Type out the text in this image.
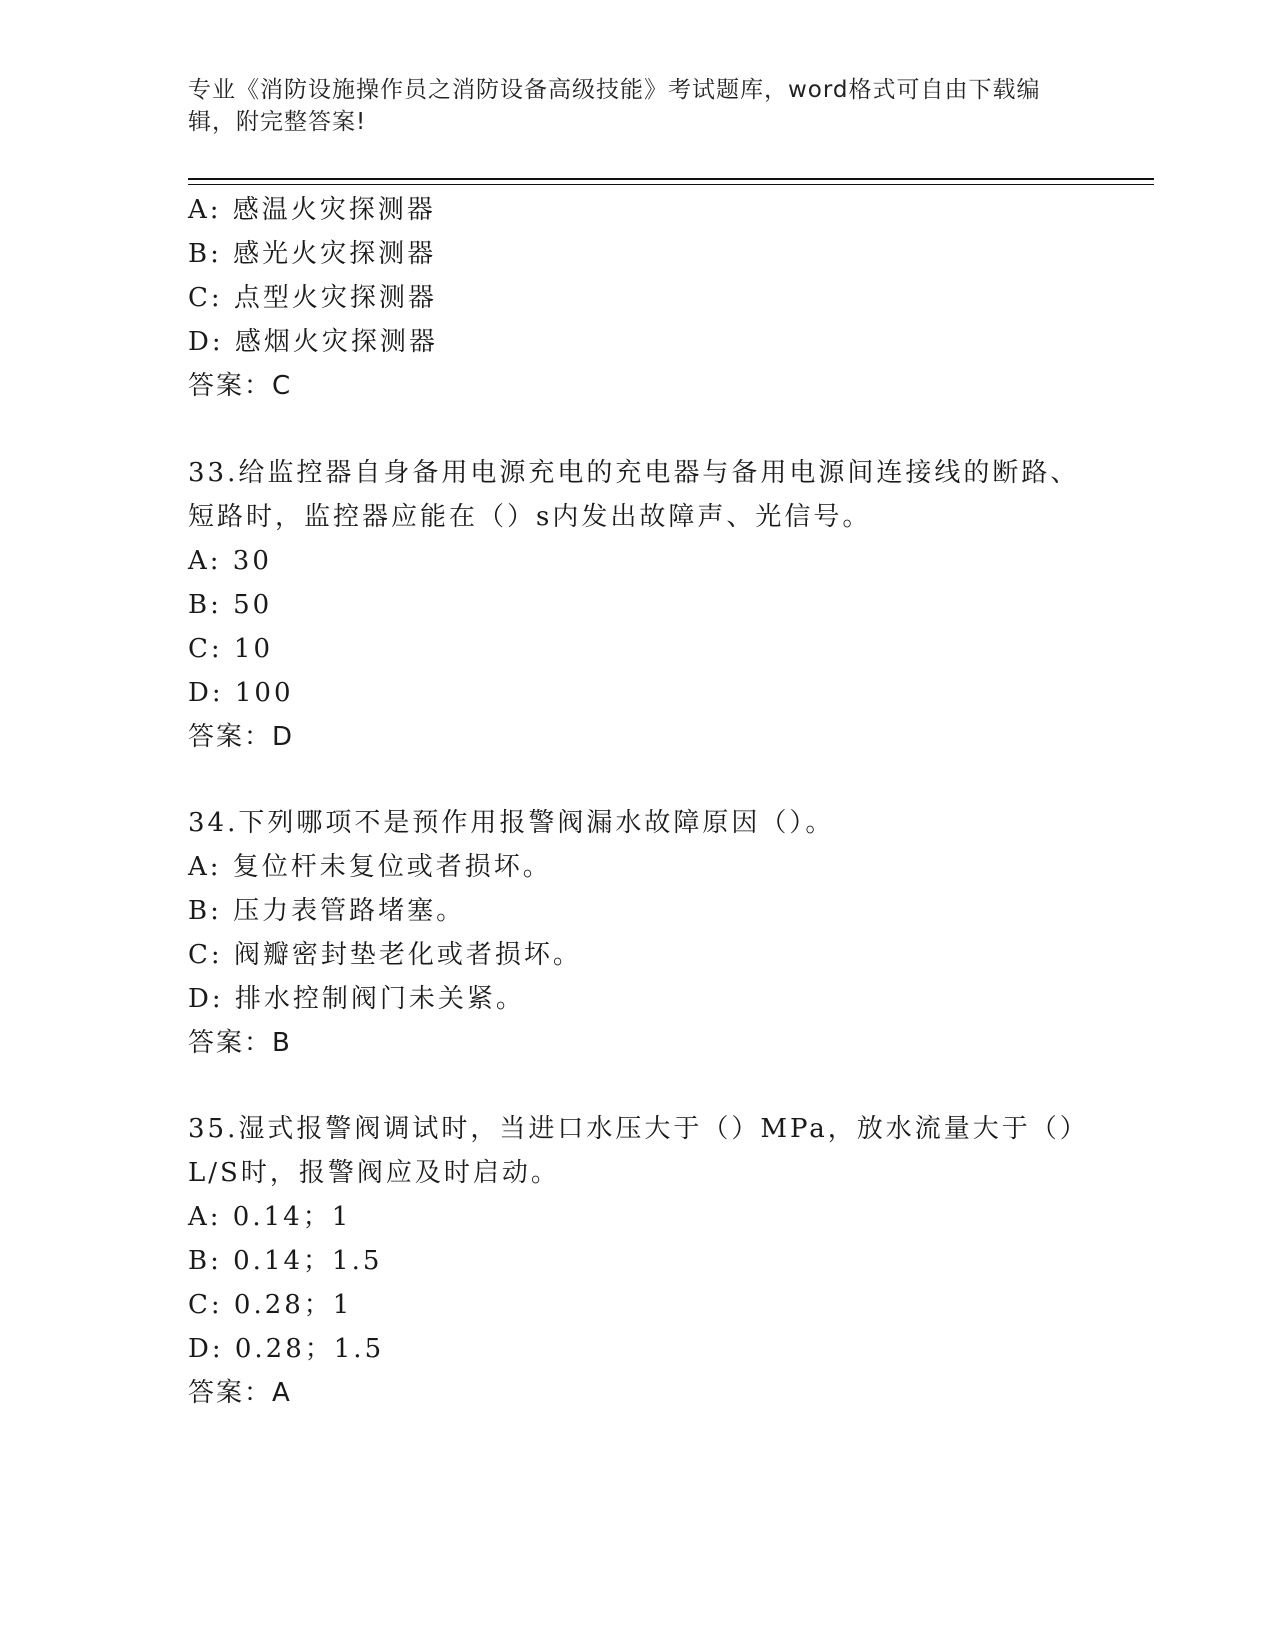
专业《消防设施操作员之消防设备高级技能》考试题库，word格式可自由下载编
辑，附完整答案!
A: 感温火灾探测器
B: 感光火灾探测器
C: 点型火灾探测器
D: 感烟火灾探测器
答案：C
33.给监控器自身备用电源充电的充电器与备用电源间连接线的断路、
短路时，监控器应能在（）s内发出故障声、光信号。
A: 30
B: 50
C: 10
D: 100
答案：D
34.下列哪项不是预作用报警阀漏水故障原因（）。
A: 复位杆未复位或者损坏。
B: 压力表管路堵塞。
C: 阀瓣密封垫老化或者损坏。
D: 排水控制阀门未关紧。
答案：B
35.湿式报警阀调试时，当进口水压大于（）MPa，放水流量大于（）
L/S时，报警阀应及时启动。
A: 0.14；1
B: 0.14；1.5
C: 0.28；1
D: 0.28；1.5
答案：A
